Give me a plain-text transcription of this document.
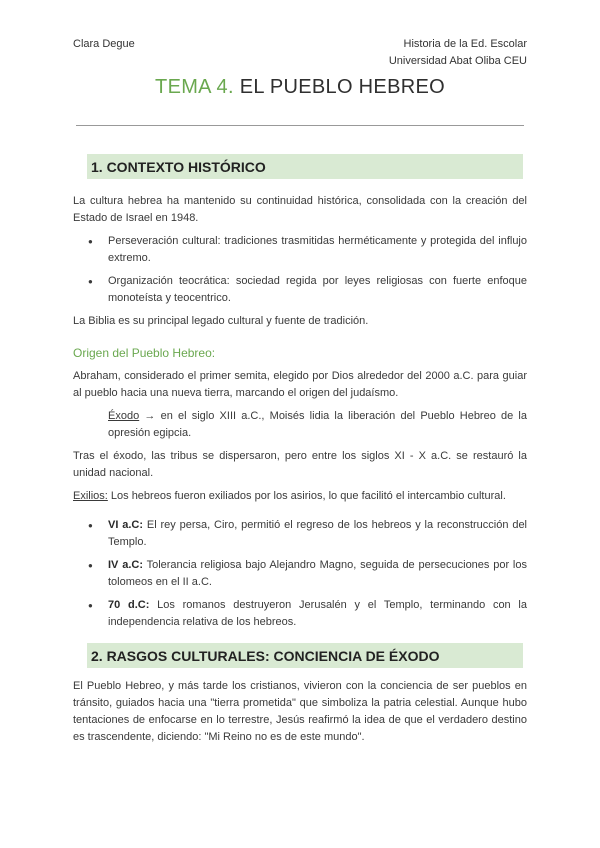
Clara Degue	Historia de la Ed. Escolar
Universidad Abat Oliba CEU
TEMA 4. EL PUEBLO HEBREO
1. CONTEXTO HISTÓRICO

La cultura hebrea ha mantenido su continuidad histórica, consolidada con la creación del Estado de Israel en 1948.

● Perseveración cultural: tradiciones trasmitidas herméticamente y protegida del influjo extremo.
● Organización teocrática: sociedad regida por leyes religiosas con fuerte enfoque monoteísta y teocentrico.

La Biblia es su principal legado cultural y fuente de tradición.

Origen del Pueblo Hebreo:

Abraham, considerado el primer semita, elegido por Dios alrededor del 2000 a.C. para guiar al pueblo hacia una nueva tierra, marcando el origen del judaísmo.

Éxodo → en el siglo XIII a.C., Moisés lidia la liberación del Pueblo Hebreo de la opresión egipcia.

Tras el éxodo, las tribus se dispersaron, pero entre los siglos XI - X a.C. se restauró la unidad nacional.

Exilios: Los hebreos fueron exiliados por los asirios, lo que facilitó el intercambio cultural.

● VI a.C: El rey persa, Ciro, permitió el regreso de los hebreos y la reconstrucción del Templo.
● IV a.C: Tolerancia religiosa bajo Alejandro Magno, seguida de persecuciones por los tolomeos en el II a.C.
● 70 d.C: Los romanos destruyeron Jerusalén y el Templo, terminando con la independencia relativa de los hebreos.
2. RASGOS CULTURALES: CONCIENCIA DE ÉXODO

El Pueblo Hebreo, y más tarde los cristianos, vivieron con la conciencia de ser pueblos en tránsito, guiados hacia una "tierra prometida" que simboliza la patria celestial. Aunque hubo tentaciones de enfocarse en lo terrestre, Jesús reafirmó la idea de que el verdadero destino es trascendente, diciendo: "Mi Reino no es de este mundo".
